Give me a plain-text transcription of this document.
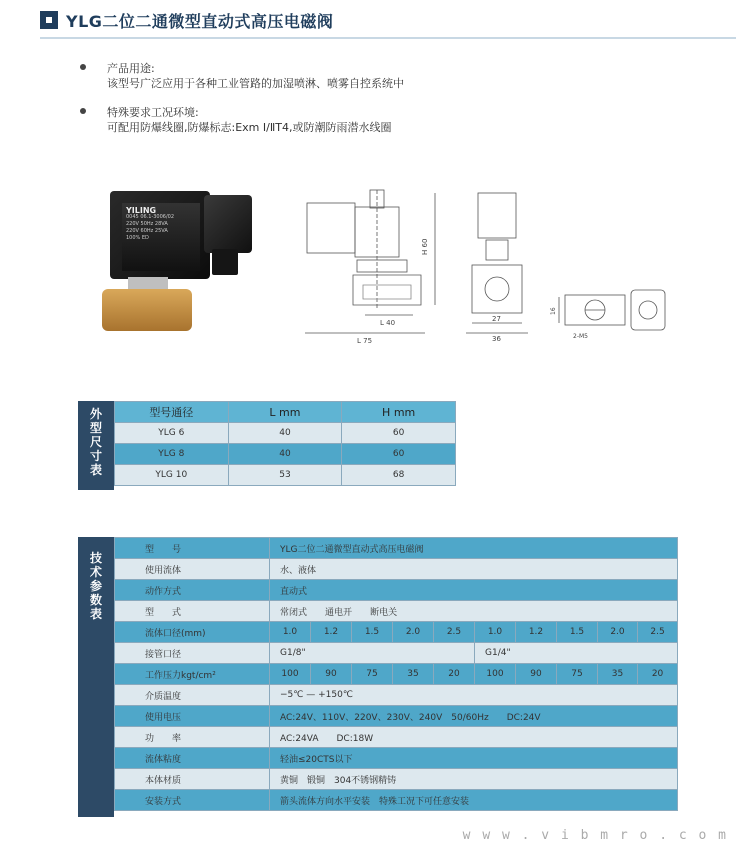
YLG二位二通微型直动式高压电磁阀
产品用途:
该型号广泛应用于各种工业管路的加湿喷淋、喷雾自控系统中
特殊要求工况环境:
可配用防爆线圈,防爆标志:Exm Ⅰ/ⅡT4,或防潮防雨潜水线圈
YILING
0045 06.1-3006/02
220V 50Hz 28VA
220V 60Hz 25VA
100% ED
H 60
L 40
L 75
27
36
16
2-M5
外
型
尺
寸
表
型号通径	L mm	H mm
YLG 6	40	60
YLG 8	40	60
YLG 10	53	68
技
术
参
数
表
型　　号	YLG二位二通微型直动式高压电磁阀									
使用流体	水、液体									
动作方式	直动式									
型　　式	常闭式　　 通电开　　 断电关									
流体口径(mm)	1.0	1.2	1.5	2.0	2.5	1.0	1.2	1.5	2.0	2.5
接管口径	G1/8"					G1/4"				
工作压力kgt/cm²	100	90	75	35	20	100	90	75	35	20
介质温度	−5℃ — +150℃									
使用电压	AC:24V、110V、220V、230V、240V　50/60Hz　　DC:24V									
功　　率	AC:24VA　　DC:18W									
流体粘度	轻油≤20CTS以下									
本体材质	黄铜　锻铜　304不锈钢精铸									
安装方式	箭头流体方向水平安装　特殊工况下可任意安装									
w w w . v i b m r o . c o m
